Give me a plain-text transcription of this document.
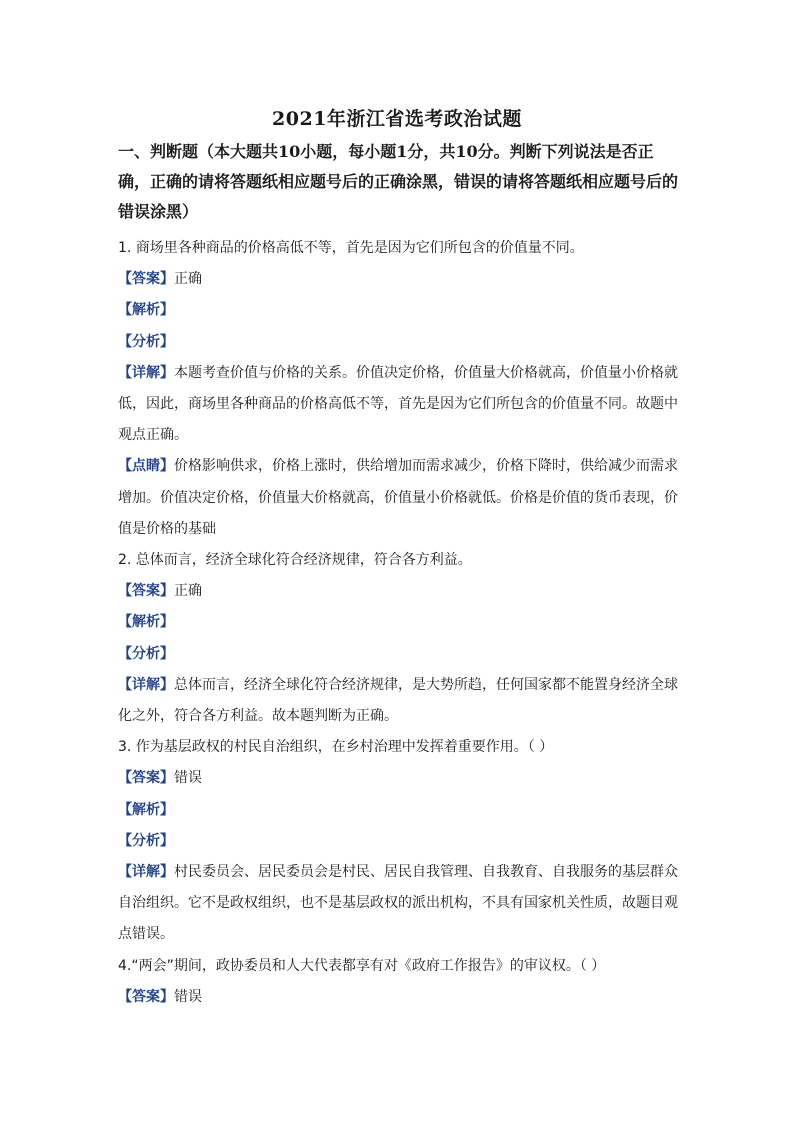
2021年浙江省选考政治试题
一、判断题（本大题共10小题，每小题1分，共10分。判断下列说法是否正确，正确的请将答题纸相应题号后的正确涂黑，错误的请将答题纸相应题号后的错误涂黑）
1. 商场里各种商品的价格高低不等，首先是因为它们所包含的价值量不同。
【答案】正确
【解析】
【分析】
【详解】本题考查价值与价格的关系。价值决定价格，价值量大价格就高，价值量小价格就
低，因此，商场里各种商品的价格高低不等，首先是因为它们所包含的价值量不同。故题中
观点正确。
【点睛】价格影响供求，价格上涨时，供给增加而需求减少，价格下降时，供给减少而需求
增加。价值决定价格，价值量大价格就高，价值量小价格就低。价格是价值的货币表现，价
值是价格的基础
2. 总体而言，经济全球化符合经济规律，符合各方利益。
【答案】正确
【解析】
【分析】
【详解】总体而言，经济全球化符合经济规律，是大势所趋，任何国家都不能置身经济全球
化之外，符合各方利益。故本题判断为正确。
3. 作为基层政权的村民自治组织，在乡村治理中发挥着重要作用。（ ）
【答案】错误
【解析】
【分析】
【详解】村民委员会、居民委员会是村民、居民自我管理、自我教育、自我服务的基层群众
自治组织。它不是政权组织，也不是基层政权的派出机构，不具有国家机关性质，故题目观
点错误。
4.“两会”期间，政协委员和人大代表都享有对《政府工作报告》的审议权。（ ）
【答案】错误
